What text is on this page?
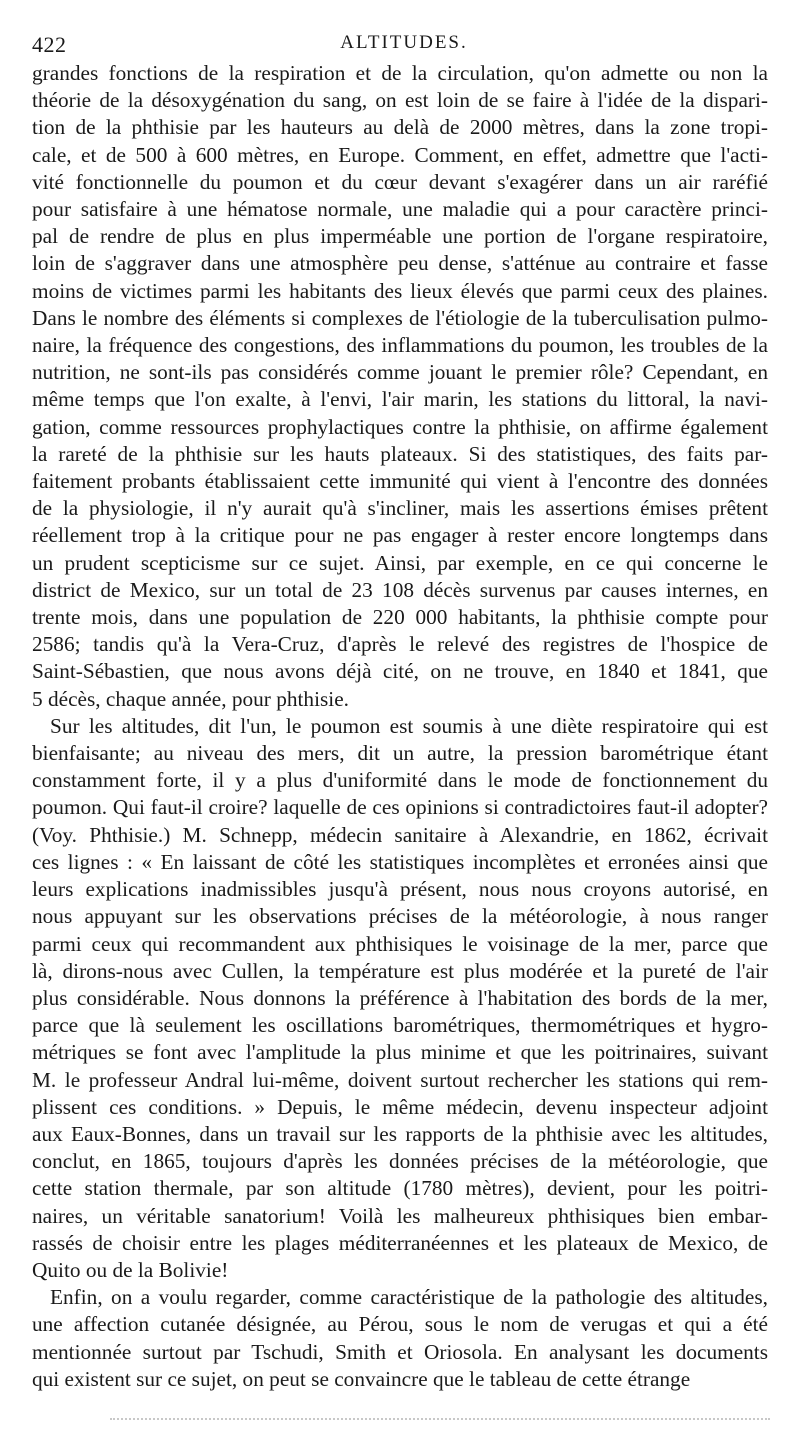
422	ALTITUDES.
grandes fonctions de la respiration et de la circulation, qu'on admette ou non la
théorie de la désoxygénation du sang, on est loin de se faire à l'idée de la dispari-
tion de la phthisie par les hauteurs au delà de 2000 mètres, dans la zone tropi-
cale, et de 500 à 600 mètres, en Europe. Comment, en effet, admettre que l'acti-
vité fonctionnelle du poumon et du cœur devant s'exagérer dans un air raréfié
pour satisfaire à une hématose normale, une maladie qui a pour caractère princi-
pal de rendre de plus en plus imperméable une portion de l'organe respiratoire,
loin de s'aggraver dans une atmosphère peu dense, s'atténue au contraire et fasse
moins de victimes parmi les habitants des lieux élevés que parmi ceux des plaines.
Dans le nombre des éléments si complexes de l'étiologie de la tuberculisation pulmo-
naire, la fréquence des congestions, des inflammations du poumon, les troubles de la
nutrition, ne sont-ils pas considérés comme jouant le premier rôle? Cependant, en
même temps que l'on exalte, à l'envi, l'air marin, les stations du littoral, la navi-
gation, comme ressources prophylactiques contre la phthisie, on affirme également
la rareté de la phthisie sur les hauts plateaux. Si des statistiques, des faits par-
faitement probants établissaient cette immunité qui vient à l'encontre des données
de la physiologie, il n'y aurait qu'à s'incliner, mais les assertions émises prêtent
réellement trop à la critique pour ne pas engager à rester encore longtemps dans
un prudent scepticisme sur ce sujet. Ainsi, par exemple, en ce qui concerne le
district de Mexico, sur un total de 23 108 décès survenus par causes internes, en
trente mois, dans une population de 220 000 habitants, la phthisie compte pour
2586; tandis qu'à la Vera-Cruz, d'après le relevé des registres de l'hospice de
Saint-Sébastien, que nous avons déjà cité, on ne trouve, en 1840 et 1841, que
5 décès, chaque année, pour phthisie.
Sur les altitudes, dit l'un, le poumon est soumis à une diète respiratoire qui est
bienfaisante; au niveau des mers, dit un autre, la pression barométrique étant
constamment forte, il y a plus d'uniformité dans le mode de fonctionnement du
poumon. Qui faut-il croire? laquelle de ces opinions si contradictoires faut-il adopter?
(Voy. Phthisie.) M. Schnepp, médecin sanitaire à Alexandrie, en 1862, écrivait
ces lignes : « En laissant de côté les statistiques incomplètes et erronées ainsi que
leurs explications inadmissibles jusqu'à présent, nous nous croyons autorisé, en
nous appuyant sur les observations précises de la météorologie, à nous ranger
parmi ceux qui recommandent aux phthisiques le voisinage de la mer, parce que
là, dirons-nous avec Cullen, la température est plus modérée et la pureté de l'air
plus considérable. Nous donnons la préférence à l'habitation des bords de la mer,
parce que là seulement les oscillations barométriques, thermométriques et hygro-
métriques se font avec l'amplitude la plus minime et que les poitrinaires, suivant
M. le professeur Andral lui-même, doivent surtout rechercher les stations qui rem-
plissent ces conditions. » Depuis, le même médecin, devenu inspecteur adjoint
aux Eaux-Bonnes, dans un travail sur les rapports de la phthisie avec les altitudes,
conclut, en 1865, toujours d'après les données précises de la météorologie, que
cette station thermale, par son altitude (1780 mètres), devient, pour les poitri-
naires, un véritable sanatorium! Voilà les malheureux phthisiques bien embar-
rassés de choisir entre les plages méditerranéennes et les plateaux de Mexico, de
Quito ou de la Bolivie!
Enfin, on a voulu regarder, comme caractéristique de la pathologie des altitudes,
une affection cutanée désignée, au Pérou, sous le nom de verugas et qui a été
mentionnée surtout par Tschudi, Smith et Oriosola. En analysant les documents
qui existent sur ce sujet, on peut se convaincre que le tableau de cette étrange
